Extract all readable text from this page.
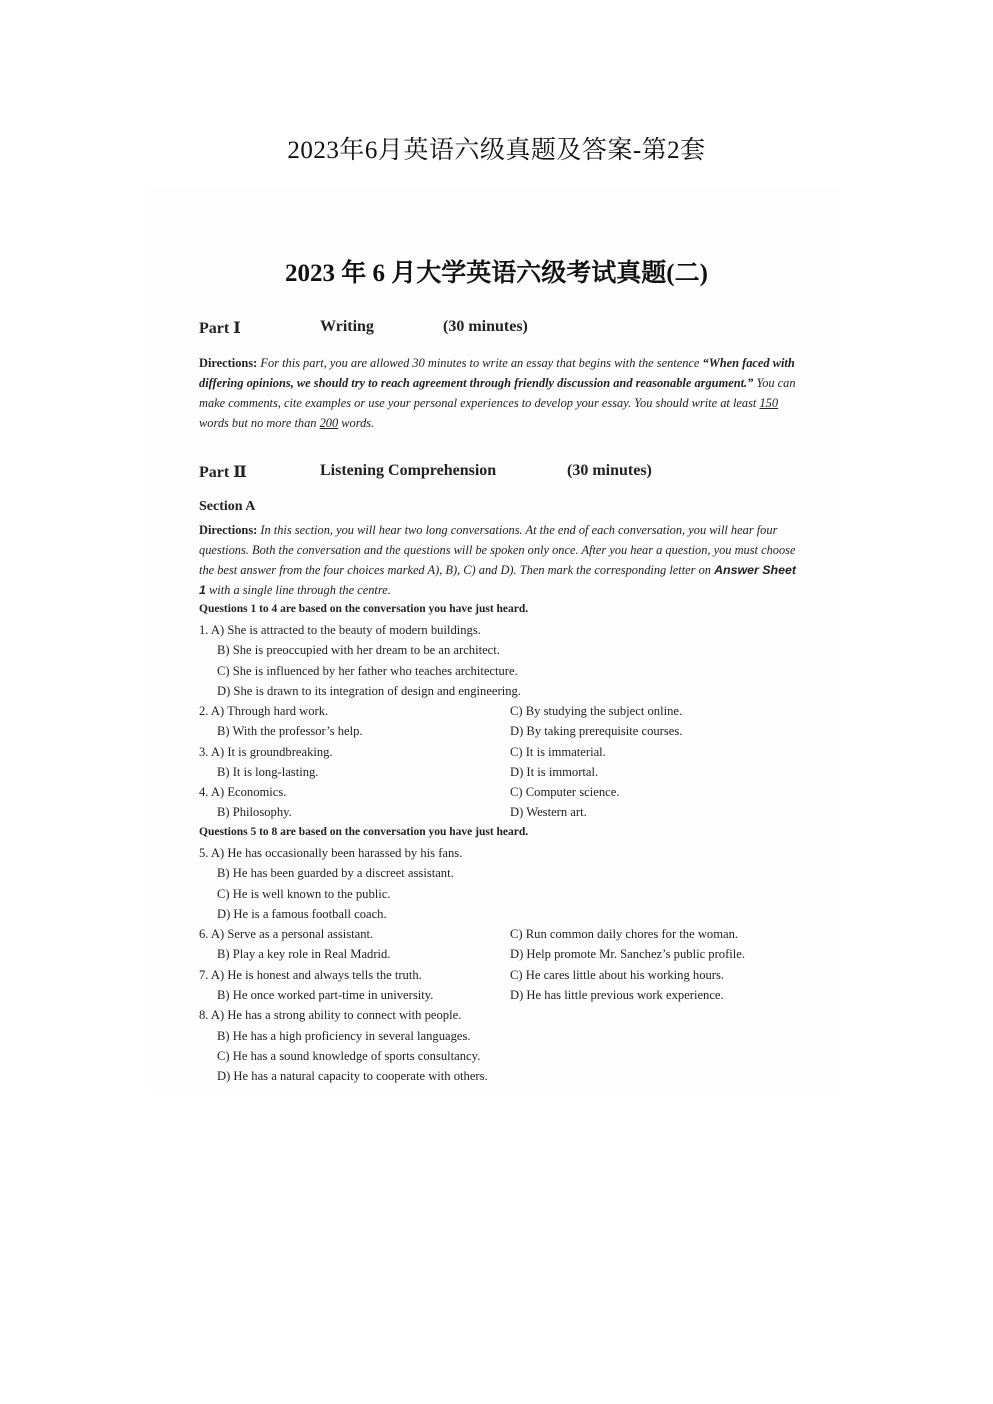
2023年6月英语六级真题及答案-第2套
2023 年 6 月大学英语六级考试真题(二)
Part Ⅰ	Writing	(30 minutes)
Directions: For this part, you are allowed 30 minutes to write an essay that begins with the sentence “When faced with differing opinions, we should try to reach agreement through friendly discussion and reasonable argument.” You can make comments, cite examples or use your personal experiences to develop your essay. You should write at least 150 words but no more than 200 words.
Part Ⅱ	Listening Comprehension	(30 minutes)
Section A
Directions: In this section, you will hear two long conversations. At the end of each conversation, you will hear four questions. Both the conversation and the questions will be spoken only once. After you hear a question, you must choose the best answer from the four choices marked A), B), C) and D). Then mark the corresponding letter on Answer Sheet 1 with a single line through the centre.
Questions 1 to 4 are based on the conversation you have just heard.
1. A) She is attracted to the beauty of modern buildings.
B) She is preoccupied with her dream to be an architect.
C) She is influenced by her father who teaches architecture.
D) She is drawn to its integration of design and engineering.
2. A) Through hard work.	C) By studying the subject online.
B) With the professor’s help.	D) By taking prerequisite courses.
3. A) It is groundbreaking.	C) It is immaterial.
B) It is long-lasting.	D) It is immortal.
4. A) Economics.	C) Computer science.
B) Philosophy.	D) Western art.
Questions 5 to 8 are based on the conversation you have just heard.
5. A) He has occasionally been harassed by his fans.
B) He has been guarded by a discreet assistant.
C) He is well known to the public.
D) He is a famous football coach.
6. A) Serve as a personal assistant.	C) Run common daily chores for the woman.
B) Play a key role in Real Madrid.	D) Help promote Mr. Sanchez’s public profile.
7. A) He is honest and always tells the truth.	C) He cares little about his working hours.
B) He once worked part-time in university.	D) He has little previous work experience.
8. A) He has a strong ability to connect with people.
B) He has a high proficiency in several languages.
C) He has a sound knowledge of sports consultancy.
D) He has a natural capacity to cooperate with others.
